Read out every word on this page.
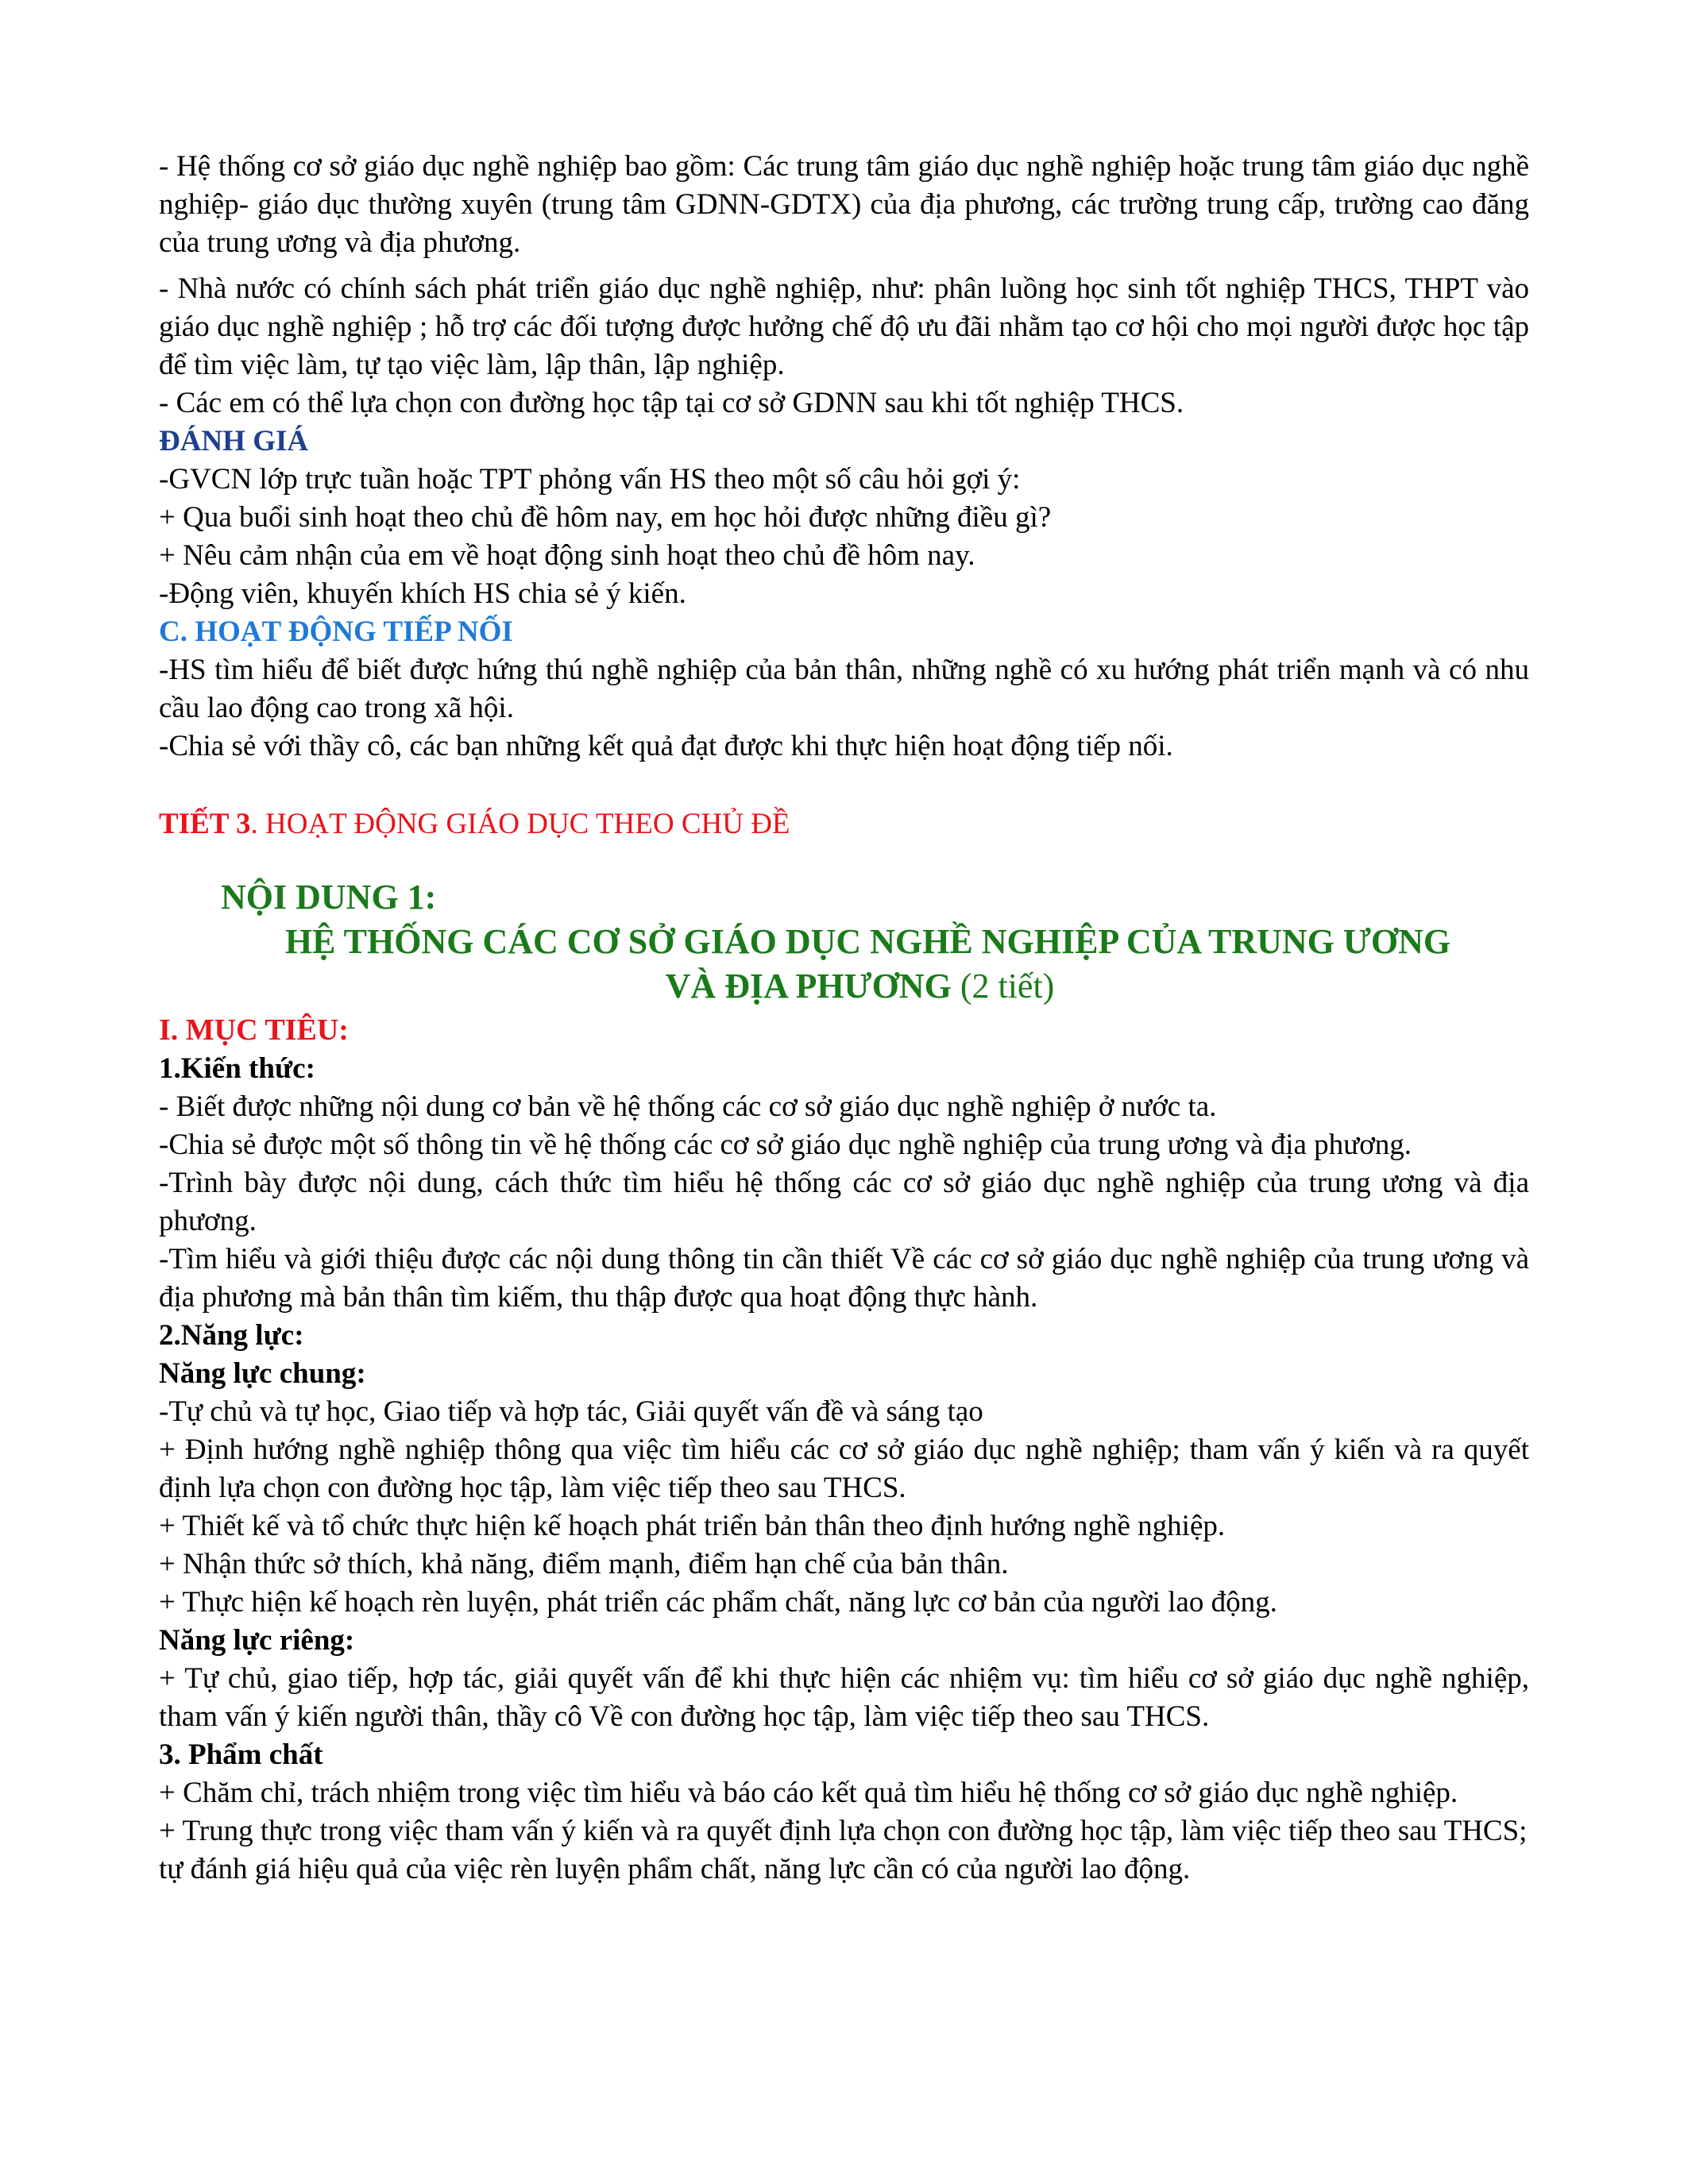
- Hệ thống cơ sở giáo dục nghề nghiệp bao gồm: Các trung tâm giáo dục nghề nghiệp hoặc trung tâm giáo dục nghề nghiệp- giáo dục thường xuyên (trung tâm GDNN-GDTX) của địa phương, các trường trung cấp, trường cao đăng của trung ương và địa phương.

- Nhà nước có chính sách phát triển giáo dục nghề nghiệp, như: phân luồng học sinh tốt nghiệp THCS, THPT vào giáo dục nghề nghiệp ; hỗ trợ các đối tượng được hưởng chế độ ưu đãi nhằm tạo cơ hội cho mọi người được học tập để tìm việc làm, tự tạo việc làm, lập thân, lập nghiệp.

- Các em có thể lựa chọn con đường học tập tại cơ sở GDNN sau khi tốt nghiệp THCS.

ĐÁNH GIÁ

-GVCN lớp trực tuần hoặc TPT phỏng vấn HS theo một số câu hỏi gợi ý:

+ Qua buổi sinh hoạt theo chủ đề hôm nay, em học hỏi được những điều gì?

+ Nêu cảm nhận của em về hoạt động sinh hoạt theo chủ đề hôm nay.

-Động viên, khuyến khích HS chia sẻ ý kiến.

C. HOẠT ĐỘNG TIẾP NỐI

-HS tìm hiểu để biết được hứng thú nghề nghiệp của bản thân, những nghề có xu hướng phát triển mạnh và có nhu cầu lao động cao trong xã hội.

-Chia sẻ với thầy cô, các bạn những kết quả đạt được khi thực hiện hoạt động tiếp nối.

TIẾT 3. HOẠT ĐỘNG GIÁO DỤC THEO CHỦ ĐỀ

NỘI DUNG 1:
HỆ THỐNG CÁC CƠ SỞ GIÁO DỤC NGHỀ NGHIỆP CỦA TRUNG ƯƠNG
VÀ ĐỊA PHƯƠNG (2 tiết)

I. MỤC TIÊU:

1.Kiến thức:

- Biết được những nội dung cơ bản về hệ thống các cơ sở giáo dục nghề nghiệp ở nước ta.

-Chia sẻ được một số thông tin về hệ thống các cơ sở giáo dục nghề nghiệp của trung ương và địa phương.

-Trình bày được nội dung, cách thức tìm hiểu hệ thống các cơ sở giáo dục nghề nghiệp của trung ương và địa phương.

-Tìm hiểu và giới thiệu được các nội dung thông tin cần thiết Về các cơ sở giáo dục nghề nghiệp của trung ương và địa phương mà bản thân tìm kiếm, thu thập được qua hoạt động thực hành.

2.Năng lực:

Năng lực chung:

-Tự chủ và tự học, Giao tiếp và hợp tác, Giải quyết vấn đề và sáng tạo

+ Định hướng nghề nghiệp thông qua việc tìm hiểu các cơ sở giáo dục nghề nghiệp; tham vấn ý kiến và ra quyết định lựa chọn con đường học tập, làm việc tiếp theo sau THCS.

+ Thiết kế và tổ chức thực hiện kế hoạch phát triển bản thân theo định hướng nghề nghiệp.

+ Nhận thức sở thích, khả năng, điểm mạnh, điểm hạn chế của bản thân.

+ Thực hiện kế hoạch rèn luyện, phát triển các phẩm chất, năng lực cơ bản của người lao động.

Năng lực riêng:

+ Tự chủ, giao tiếp, hợp tác, giải quyết vấn để khi thực hiện các nhiệm vụ: tìm hiểu cơ sở giáo dục nghề nghiệp, tham vấn ý kiến người thân, thầy cô Về con đường học tập, làm việc tiếp theo sau THCS.

3. Phẩm chất

+ Chăm chỉ, trách nhiệm trong việc tìm hiểu và báo cáo kết quả tìm hiểu hệ thống cơ sở giáo dục nghề nghiệp.

+ Trung thực trong việc tham vấn ý kiến và ra quyết định lựa chọn con đường học tập, làm việc tiếp theo sau THCS; tự đánh giá hiệu quả của việc rèn luyện phẩm chất, năng lực cần có của người lao động.
